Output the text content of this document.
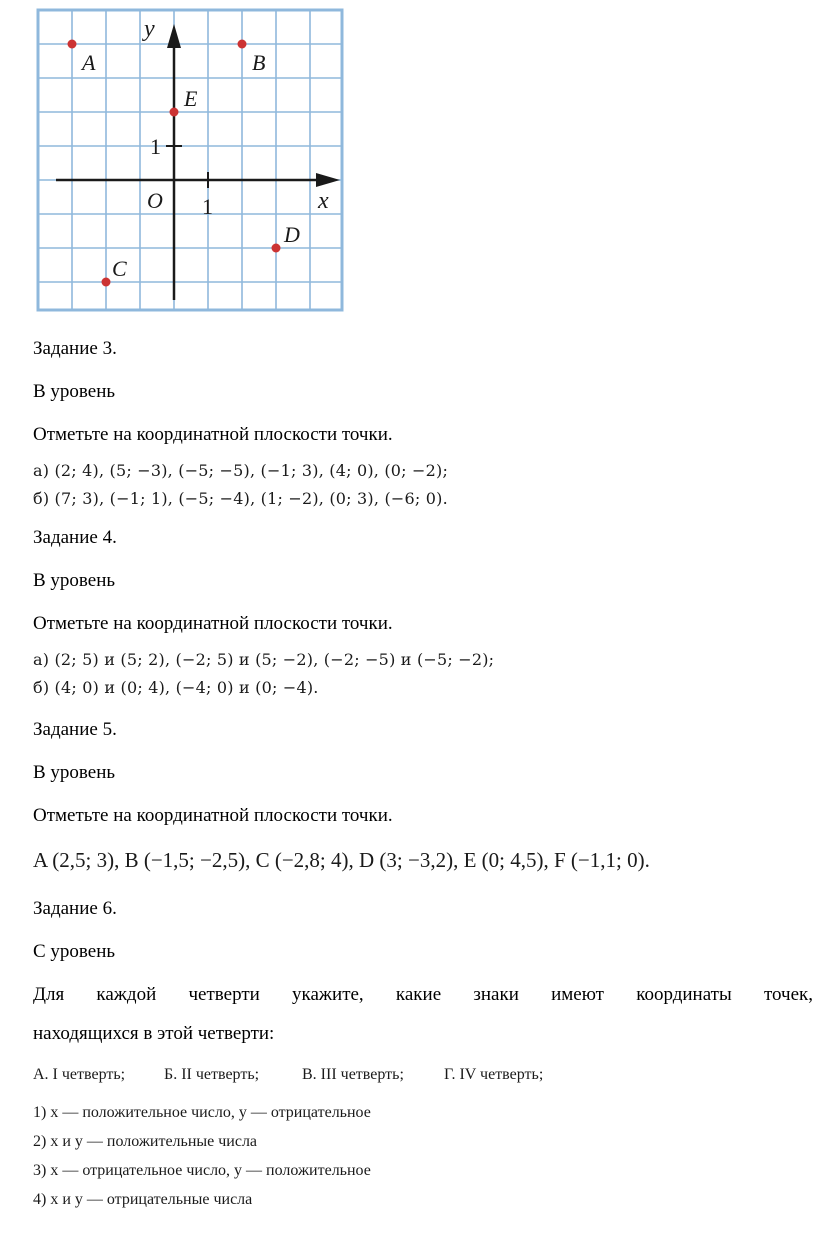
y
x
O 1
1
A	B
E
D
C
Задание 3.
В уровень
Отметьте на координатной плоскости точки.
а) (2; 4), (5; −3), (−5; −5), (−1; 3), (4; 0), (0; −2);
б) (7; 3), (−1; 1), (−5; −4), (1; −2), (0; 3), (−6; 0).
Задание 4.
В уровень
Отметьте на координатной плоскости точки.
а) (2; 5) и (5; 2), (−2; 5) и (5; −2), (−2; −5) и (−5; −2);
б) (4; 0) и (0; 4), (−4; 0) и (0; −4).
Задание 5.
В уровень
Отметьте на координатной плоскости точки.
A (2,5; 3), B (−1,5; −2,5), C (−2,8; 4), D (3; −3,2), E (0; 4,5), F (−1,1; 0).
Задание 6.
С уровень
Для каждой четверти укажите, какие знаки имеют координаты точек,
находящихся в этой четверти:
А. I четверть; Б. II четверть;	В. III четверть;	Г. IV четверть;
1) x — положительное число, y — отрицательное
2) x и y — положительные числа
3) x — отрицательное число, y — положительное
4) x и y — отрицательные числа
